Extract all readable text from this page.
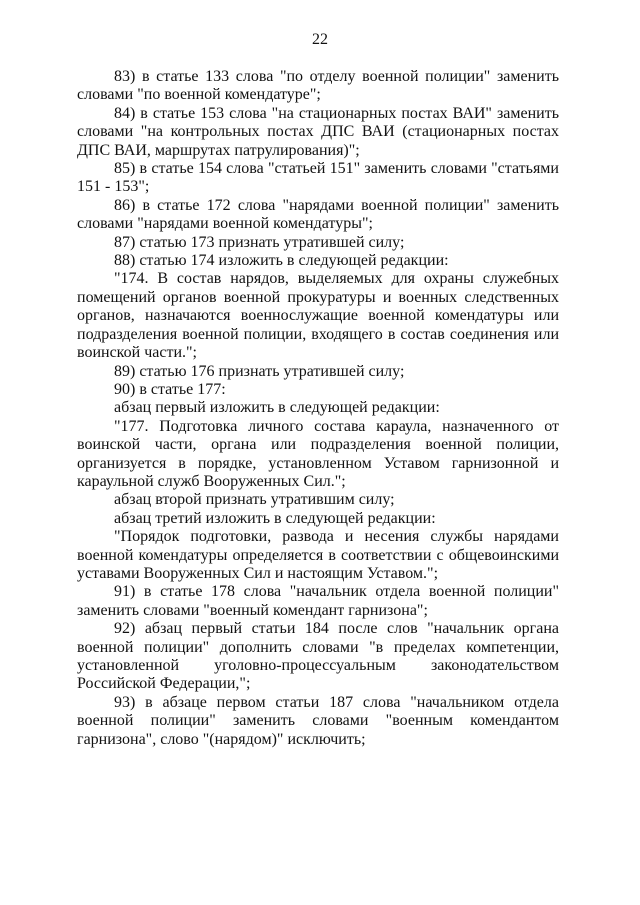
22

83) в статье 133 слова "по отделу военной полиции" заменить словами "по военной комендатуре";

84) в статье 153 слова "на стационарных постах ВАИ" заменить словами "на контрольных постах ДПС ВАИ (стационарных постах ДПС ВАИ, маршрутах патрулирования)";

85) в статье 154 слова "статьей 151" заменить словами "статьями 151 - 153";

86) в статье 172 слова "нарядами военной полиции" заменить словами "нарядами военной комендатуры";

87) статью 173 признать утратившей силу;

88) статью 174 изложить в следующей редакции:

"174. В состав нарядов, выделяемых для охраны служебных помещений органов военной прокуратуры и военных следственных органов, назначаются военнослужащие военной комендатуры или подразделения военной полиции, входящего в состав соединения или воинской части.";

89) статью 176 признать утратившей силу;

90) в статье 177:

абзац первый изложить в следующей редакции:

"177. Подготовка личного состава караула, назначенного от воинской части, органа или подразделения военной полиции, организуется в порядке, установленном Уставом гарнизонной и караульной служб Вооруженных Сил.";

абзац второй признать утратившим силу;

абзац третий изложить в следующей редакции:

"Порядок подготовки, развода и несения службы нарядами военной комендатуры определяется в соответствии с общевоинскими уставами Вооруженных Сил и настоящим Уставом.";

91) в статье 178 слова "начальник отдела военной полиции" заменить словами "военный комендант гарнизона";

92) абзац первый статьи 184 после слов "начальник органа военной полиции" дополнить словами "в пределах компетенции, установленной уголовно-процессуальным законодательством Российской Федерации,";

93) в абзаце первом статьи 187 слова "начальником отдела военной полиции" заменить словами "военным комендантом гарнизона", слово "(нарядом)" исключить;
